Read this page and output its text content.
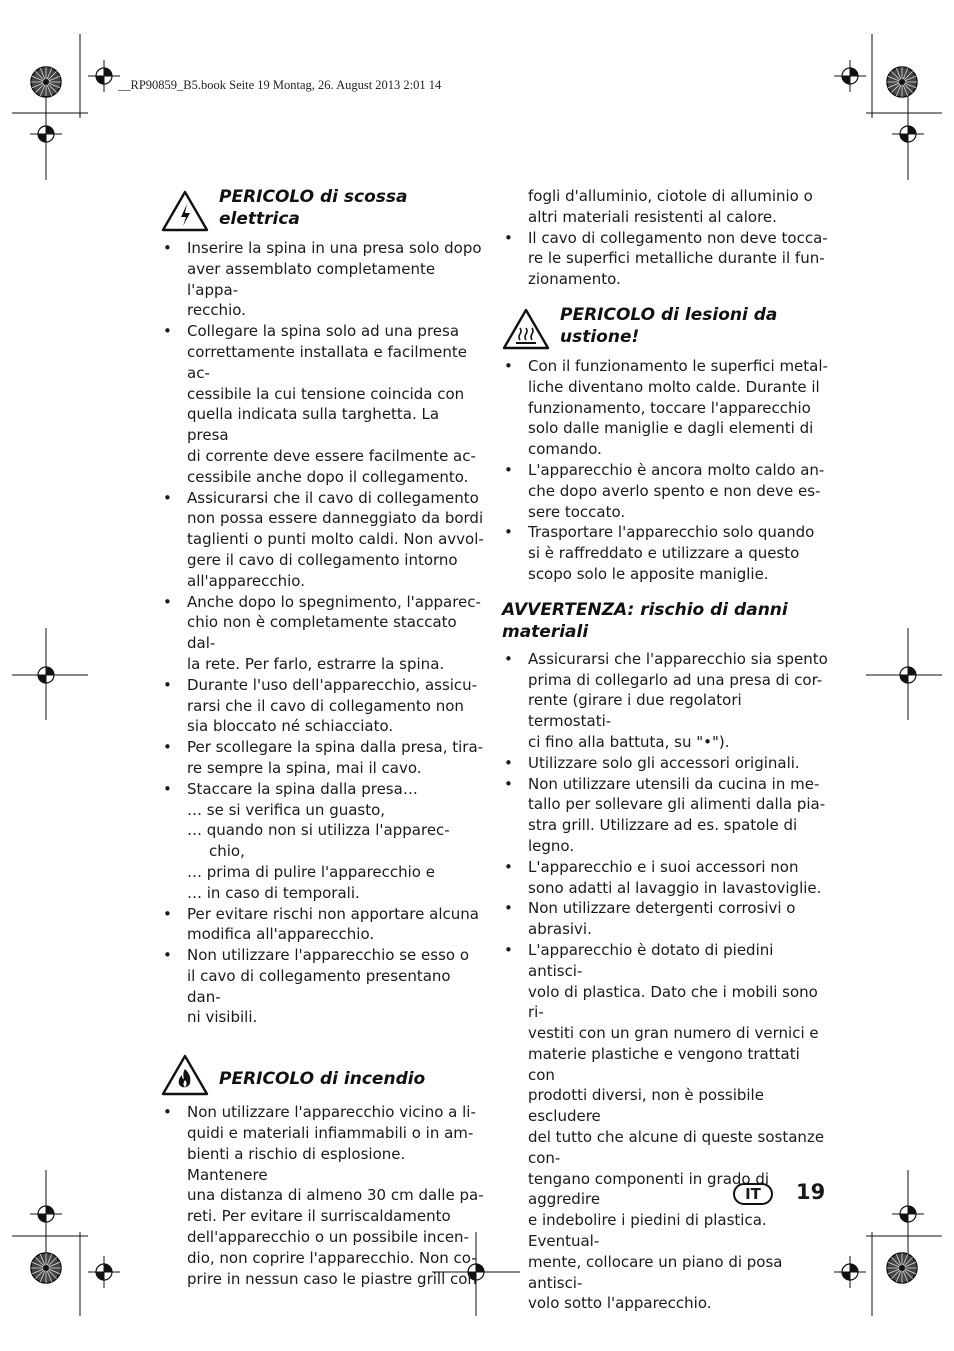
__RP90859_B5.book Seite 19 Montag, 26. August 2013 2:01 14
PERICOLO di scossa
elettrica
• Inserire la spina in una presa solo dopo
aver assemblato completamente l'appa-
recchio.
• Collegare la spina solo ad una presa
correttamente installata e facilmente ac-
cessibile la cui tensione coincida con
quella indicata sulla targhetta. La presa
di corrente deve essere facilmente ac-
cessibile anche dopo il collegamento.
• Assicurarsi che il cavo di collegamento
non possa essere danneggiato da bordi
taglienti o punti molto caldi. Non avvol-
gere il cavo di collegamento intorno
all'apparecchio.
• Anche dopo lo spegnimento, l'apparec-
chio non è completamente staccato dal-
la rete. Per farlo, estrarre la spina.
• Durante l'uso dell'apparecchio, assicu-
rarsi che il cavo di collegamento non
sia bloccato né schiacciato.
• Per scollegare la spina dalla presa, tira-
re sempre la spina, mai il cavo.
• Staccare la spina dalla presa…
… se si verifica un guasto,
… quando non si utilizza l'apparec-
chio,
… prima di pulire l'apparecchio e
… in caso di temporali.
• Per evitare rischi non apportare alcuna
modifica all'apparecchio.
• Non utilizzare l'apparecchio se esso o
il cavo di collegamento presentano dan-
ni visibili.
PERICOLO di incendio
• Non utilizzare l'apparecchio vicino a li-
quidi e materiali infiammabili o in am-
bienti a rischio di esplosione. Mantenere
una distanza di almeno 30 cm dalle pa-
reti. Per evitare il surriscaldamento
dell'apparecchio o un possibile incen-
dio, non coprire l'apparecchio. Non co-
prire in nessun caso le piastre grill con
fogli d'alluminio, ciotole di alluminio o
altri materiali resistenti al calore.
• Il cavo di collegamento non deve tocca-
re le superfici metalliche durante il fun-
zionamento.
PERICOLO di lesioni da
ustione!
• Con il funzionamento le superfici metal-
liche diventano molto calde. Durante il
funzionamento, toccare l'apparecchio
solo dalle maniglie e dagli elementi di
comando.
• L'apparecchio è ancora molto caldo an-
che dopo averlo spento e non deve es-
sere toccato.
• Trasportare l'apparecchio solo quando
si è raffreddato e utilizzare a questo
scopo solo le apposite maniglie.
AVVERTENZA: rischio di danni
materiali
• Assicurarsi che l'apparecchio sia spento
prima di collegarlo ad una presa di cor-
rente (girare i due regolatori termostati-
ci fino alla battuta, su "•").
• Utilizzare solo gli accessori originali.
• Non utilizzare utensili da cucina in me-
tallo per sollevare gli alimenti dalla pia-
stra grill. Utilizzare ad es. spatole di
legno.
• L'apparecchio e i suoi accessori non
sono adatti al lavaggio in lavastoviglie.
• Non utilizzare detergenti corrosivi o
abrasivi.
• L'apparecchio è dotato di piedini antisci-
volo di plastica. Dato che i mobili sono ri-
vestiti con un gran numero di vernici e
materie plastiche e vengono trattati con
prodotti diversi, non è possibile escludere
del tutto che alcune di queste sostanze con-
tengano componenti in grado di aggredire
e indebolire i piedini di plastica. Eventual-
mente, collocare un piano di posa antisci-
volo sotto l'apparecchio.
IT	19
